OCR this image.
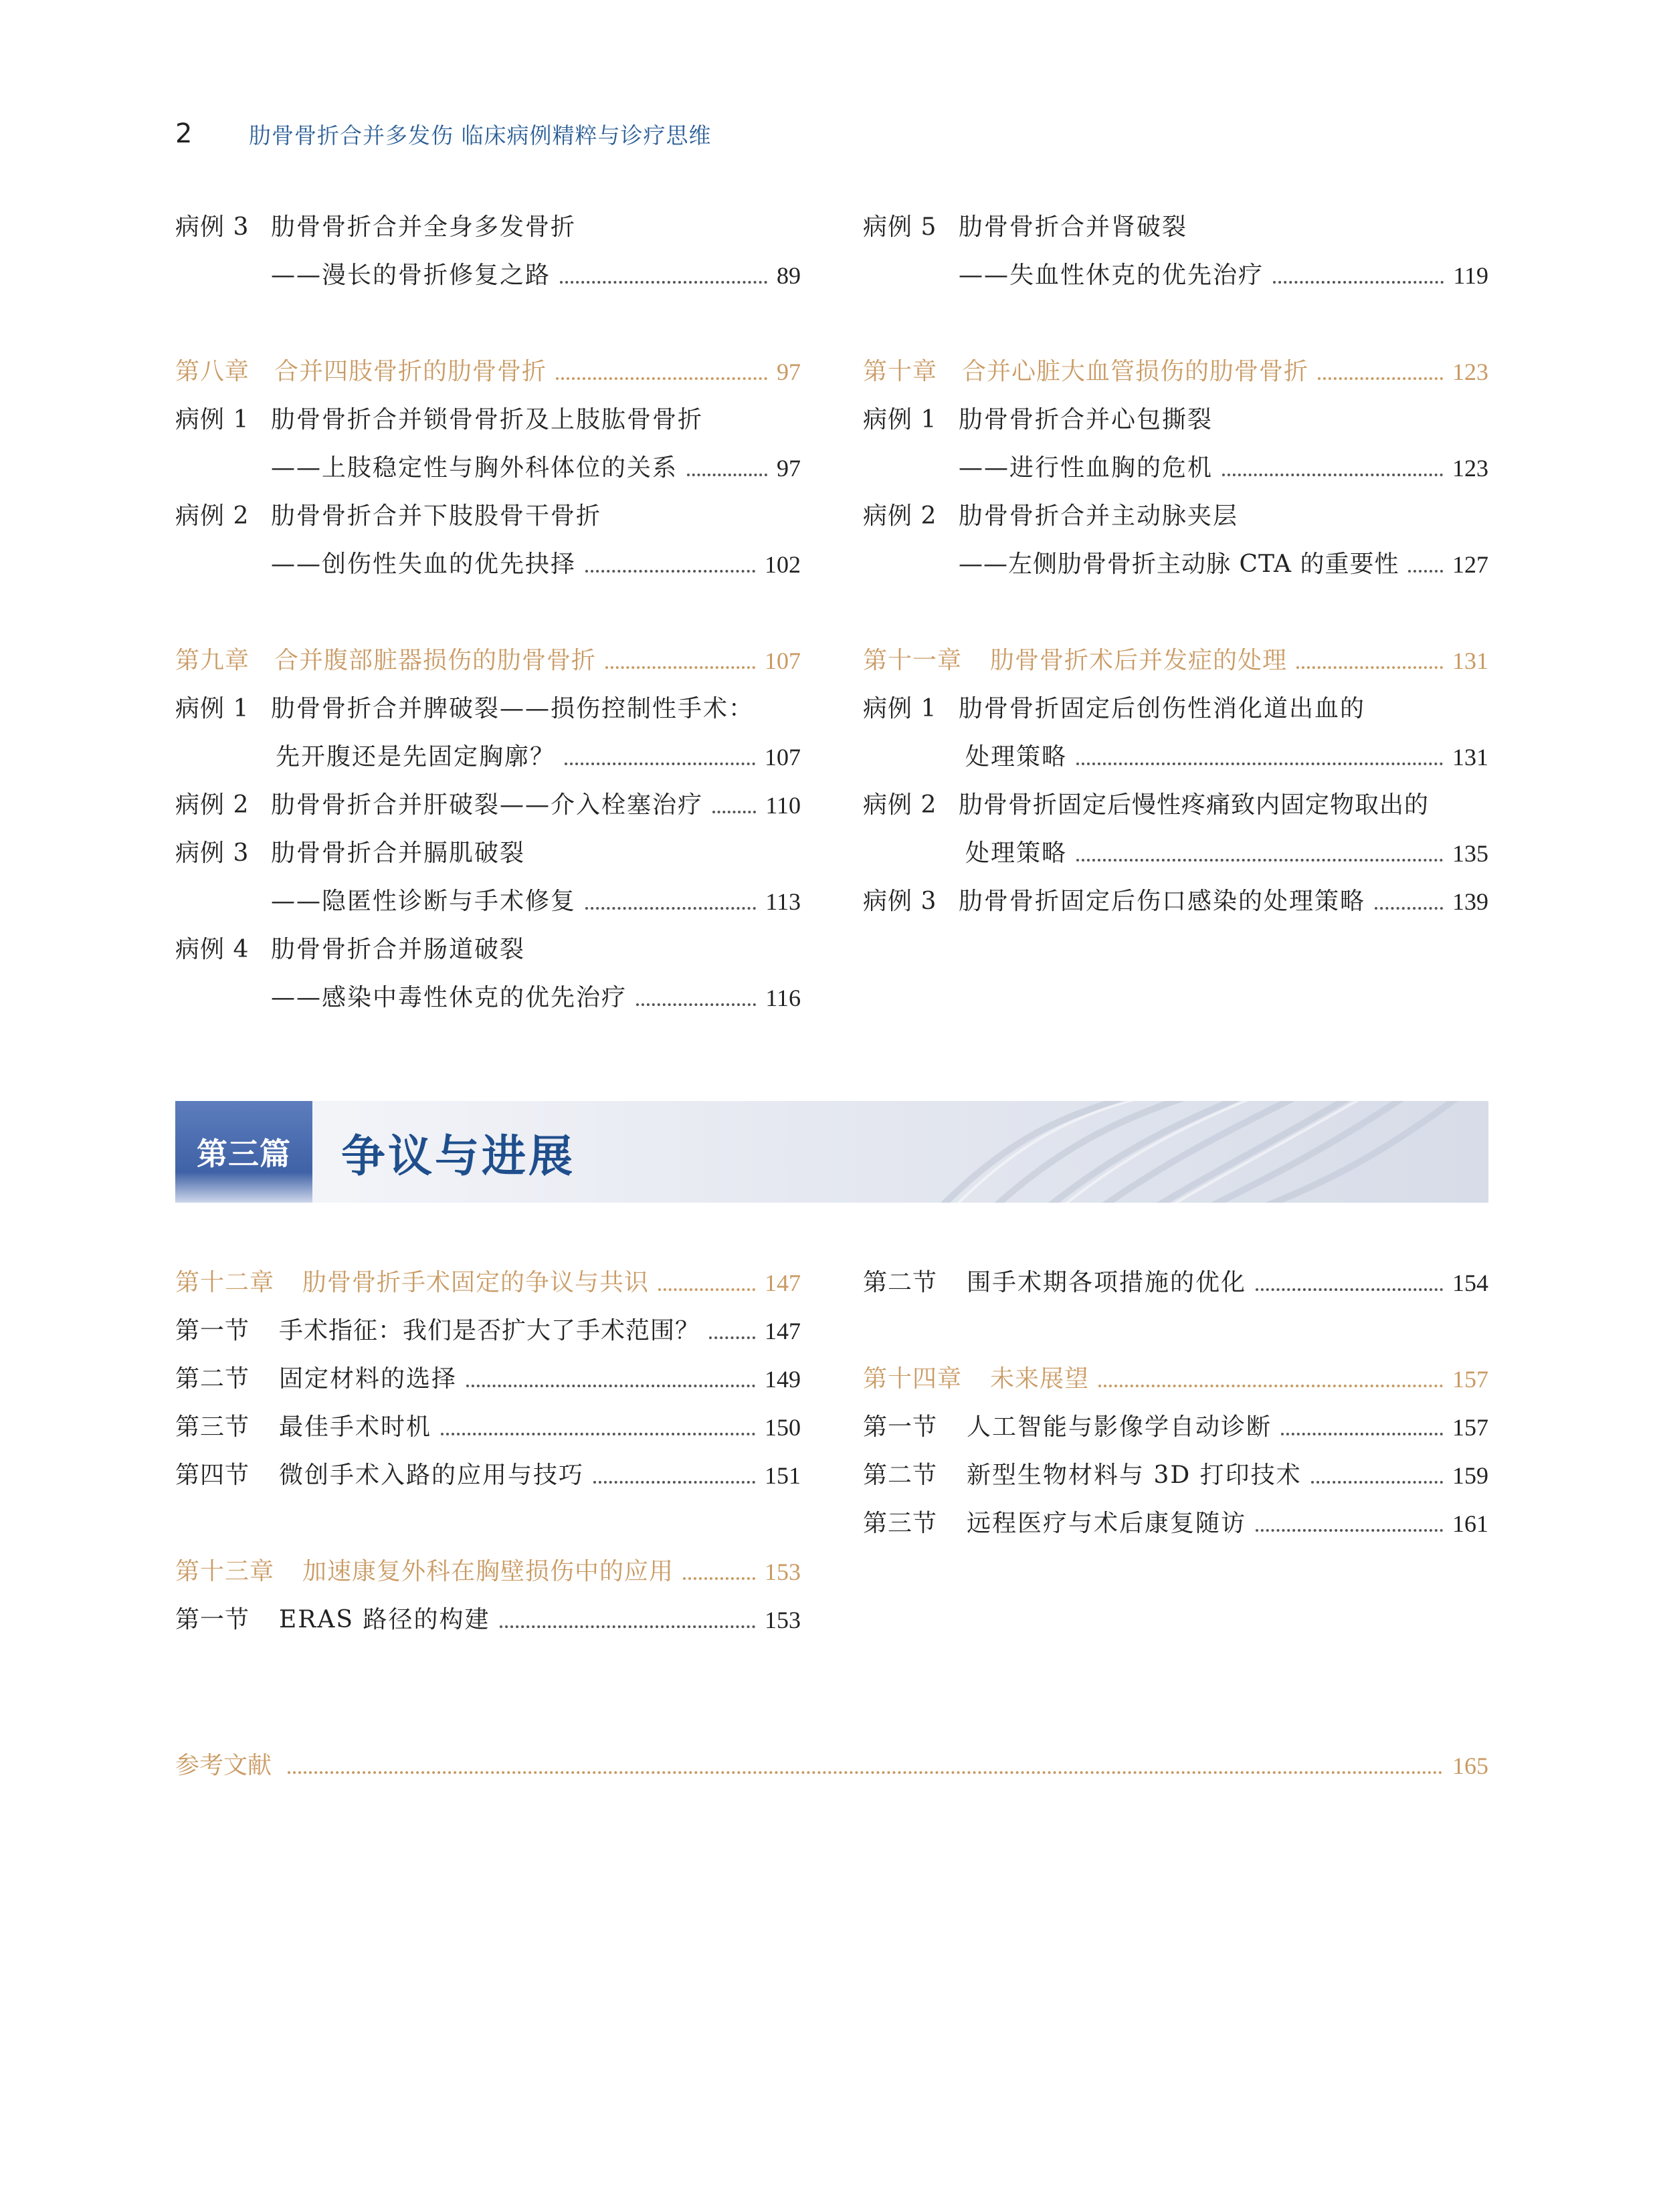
2	肋骨骨折合并多发伤 临床病例精粹与诊疗思维
病例 3 肋骨骨折合并全身多发骨折
——漫长的骨折修复之路	89
第八章	合并四肢骨折的肋骨骨折	97
病例 1 肋骨骨折合并锁骨骨折及上肢肱骨骨折
——上肢稳定性与胸外科体位的关系	97
病例 2 肋骨骨折合并下肢股骨干骨折
——创伤性失血的优先抉择	102
第九章	合并腹部脏器损伤的肋骨骨折	107
病例 1 肋骨骨折合并脾破裂——损伤控制性手术：
先开腹还是先固定胸廓？	107
病例 2 肋骨骨折合并肝破裂——介入栓塞治疗	110
病例 3 肋骨骨折合并膈肌破裂
——隐匿性诊断与手术修复	113
病例 4 肋骨骨折合并肠道破裂
——感染中毒性休克的优先治疗	116
病例 5 肋骨骨折合并肾破裂
——失血性休克的优先治疗	119
第十章	合并心脏大血管损伤的肋骨骨折	123
病例 1 肋骨骨折合并心包撕裂
——进行性血胸的危机	123
病例 2 肋骨骨折合并主动脉夹层
——左侧肋骨骨折主动脉 CTA 的重要性 127
第十一章	肋骨骨折术后并发症的处理	131
病例 1 肋骨骨折固定后创伤性消化道出血的
处理策略	131
病例 2 肋骨骨折固定后慢性疼痛致内固定物取出的
处理策略	135
病例 3 肋骨骨折固定后伤口感染的处理策略	139
第三篇	争议与进展
第十二章	肋骨骨折手术固定的争议与共识	147
第一节	手术指征：我们是否扩大了手术范围？	147
第二节	固定材料的选择	149
第三节	最佳手术时机	150
第四节	微创手术入路的应用与技巧	151
第十三章	加速康复外科在胸壁损伤中的应用	153
第一节	ERAS 路径的构建	153
第二节	围手术期各项措施的优化	154
第十四章	未来展望	157
第一节	人工智能与影像学自动诊断	157
第二节	新型生物材料与 3D 打印技术	159
第三节	远程医疗与术后康复随访	161
参考文献	165
